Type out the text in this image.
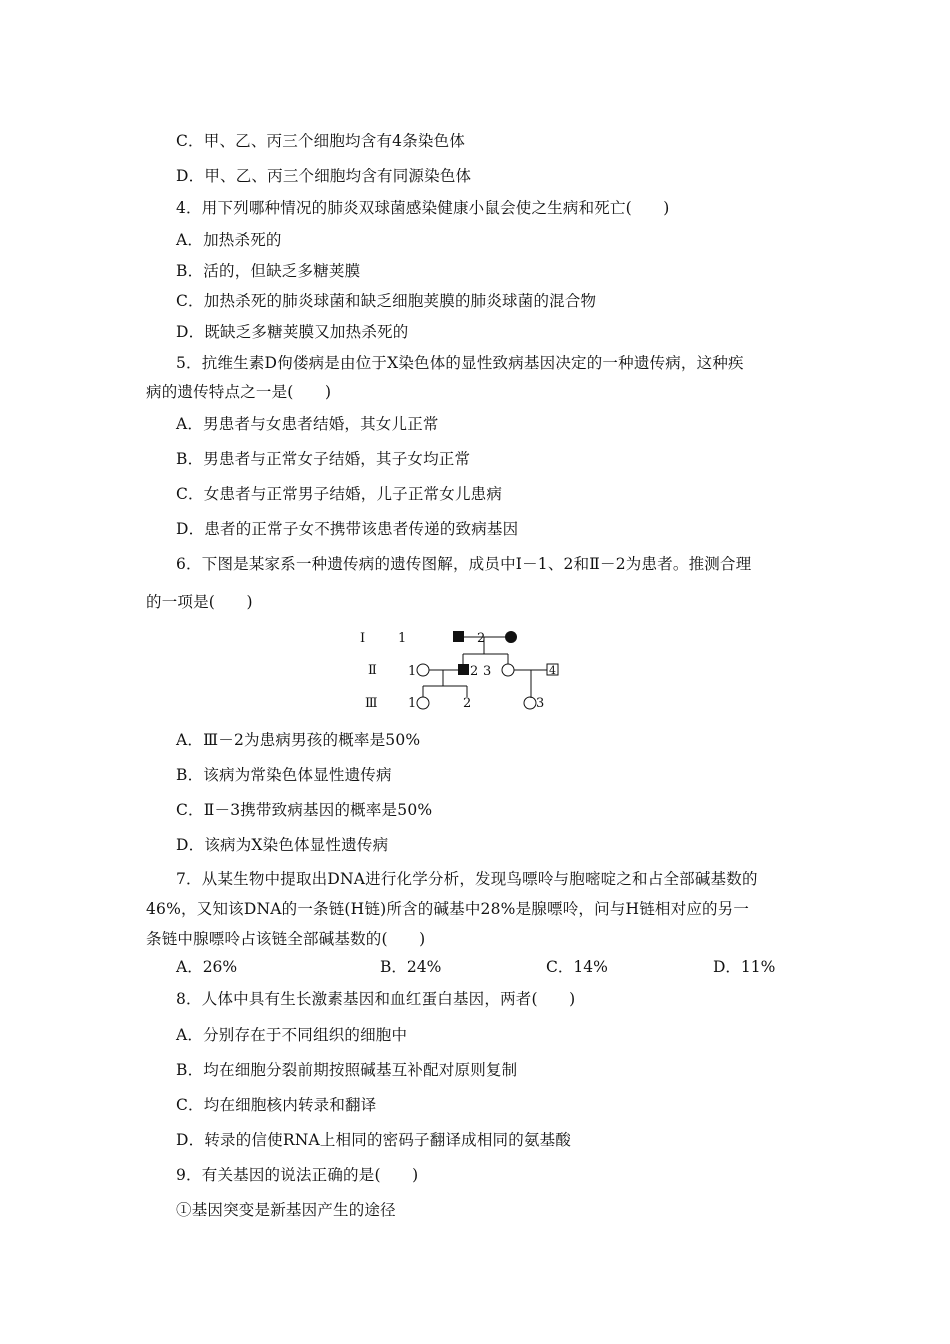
C．甲、乙、丙三个细胞均含有4条染色体
D．甲、乙、丙三个细胞均含有同源染色体
4．用下列哪种情况的肺炎双球菌感染健康小鼠会使之生病和死亡(　　)
A．加热杀死的
B．活的，但缺乏多糖荚膜
C．加热杀死的肺炎球菌和缺乏细胞荚膜的肺炎球菌的混合物
D．既缺乏多糖荚膜又加热杀死的
5．抗维生素D佝偻病是由位于X染色体的显性致病基因决定的一种遗传病，这种疾
病的遗传特点之一是(　　)
A．男患者与女患者结婚，其女儿正常
B．男患者与正常女子结婚，其子女均正常
C．女患者与正常男子结婚，儿子正常女儿患病
D．患者的正常子女不携带该患者传递的致病基因
6．下图是某家系一种遗传病的遗传图解，成员中Ⅰ－1、2和Ⅱ－2为患者。推测合理
的一项是(　　)
Ⅰ
Ⅱ
Ⅲ
1	2
1	2 3	4
1	2	3
A．Ⅲ－2为患病男孩的概率是50%
B．该病为常染色体显性遗传病
C．Ⅱ－3携带致病基因的概率是50%
D．该病为X染色体显性遗传病
7．从某生物中提取出DNA进行化学分析，发现鸟嘌呤与胞嘧啶之和占全部碱基数的
46%，又知该DNA的一条链(H链)所含的碱基中28%是腺嘌呤，问与H链相对应的另一
条链中腺嘌呤占该链全部碱基数的(　　)
A．26%	B．24%	C．14%	D．11%
8．人体中具有生长激素基因和血红蛋白基因，两者(　　)
A．分别存在于不同组织的细胞中
B．均在细胞分裂前期按照碱基互补配对原则复制
C．均在细胞核内转录和翻译
D．转录的信使RNA上相同的密码子翻译成相同的氨基酸
9．有关基因的说法正确的是(　　)
①基因突变是新基因产生的途径
